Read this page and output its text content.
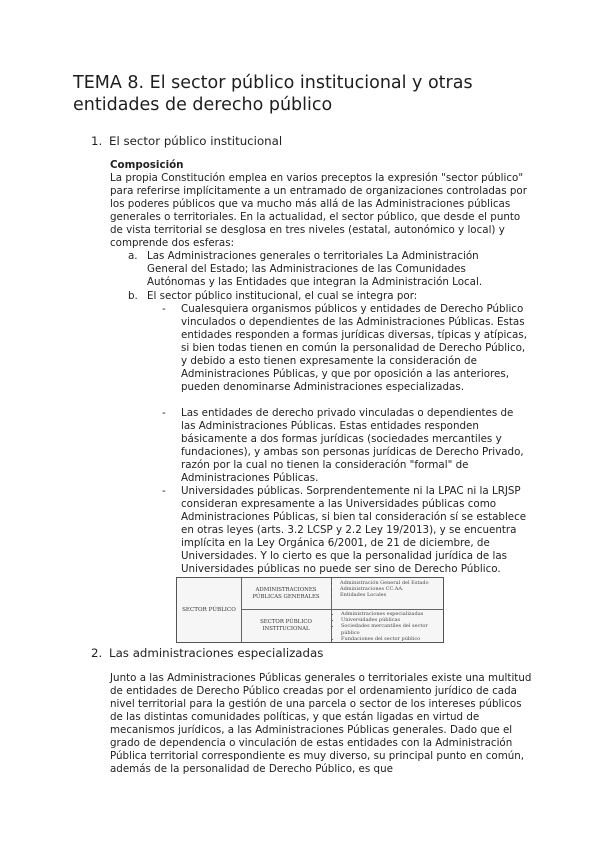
TEMA 8. El sector público institucional y otras entidades de derecho público
1. El sector público institucional

Composición

La propia Constitución emplea en varios preceptos la expresión "sector público" para referirse implícitamente a un entramado de organizaciones controladas por los poderes públicos que va mucho más allá de las Administraciones públicas generales o territoriales. En la actualidad, el sector público, que desde el punto de vista territorial se desglosa en tres niveles (estatal, autonómico y local) y comprende dos esferas:

a. Las Administraciones generales o territoriales La Administración General del Estado; las Administraciones de las Comunidades Autónomas y las Entidades que integran la Administración Local.
b. El sector público institucional, el cual se integra por:
- Cualesquiera organismos públicos y entidades de Derecho Público vinculados o dependientes de las Administraciones Públicas. Estas entidades responden a formas jurídicas diversas, típicas y atípicas, si bien todas tienen en común la personalidad de Derecho Público, y debido a esto tienen expresamente la consideración de Administraciones Públicas, y que por oposición a las anteriores, pueden denominarse Administraciones especializadas.
- Las entidades de derecho privado vinculadas o dependientes de las Administraciones Públicas. Estas entidades responden básicamente a dos formas jurídicas (sociedades mercantiles y fundaciones), y ambas son personas jurídicas de Derecho Privado, razón por la cual no tienen la consideración "formal" de Administraciones Públicas.
- Universidades públicas. Sorprendentemente ni la LPAC ni la LRJSP consideran expresamente a las Universidades públicas como Administraciones Públicas, si bien tal consideración sí se establece en otras leyes (arts. 3.2 LCSP y 2.2 Ley 19/2013), y se encuentra implícita en la Ley Orgánica 6/2001, de 21 de diciembre, de Universidades. Y lo cierto es que la personalidad jurídica de las Universidades públicas no puede ser sino de Derecho Público.
SECTOR PÚBLICO
ADMINISTRACIONES PÚBLICAS GENERALES
SECTOR PÚBLICO INSTITUCIONAL
• Administración General del Estado
• Administraciones CC.AA.
• Entidades Locales
• Administraciones especializadas
• Universidades públicas
• Sociedades mercantiles del sector público
• Fundaciones del sector público
2. Las administraciones especializadas

Junto a las Administraciones Públicas generales o territoriales existe una multitud de entidades de Derecho Público creadas por el ordenamiento jurídico de cada nivel territorial para la gestión de una parcela o sector de los intereses públicos de las distintas comunidades políticas, y que están ligadas en virtud de mecanismos jurídicos, a las Administraciones Públicas generales. Dado que el grado de dependencia o vinculación de estas entidades con la Administración Pública territorial correspondiente es muy diverso, su principal punto en común, además de la personalidad de Derecho Público, es que
